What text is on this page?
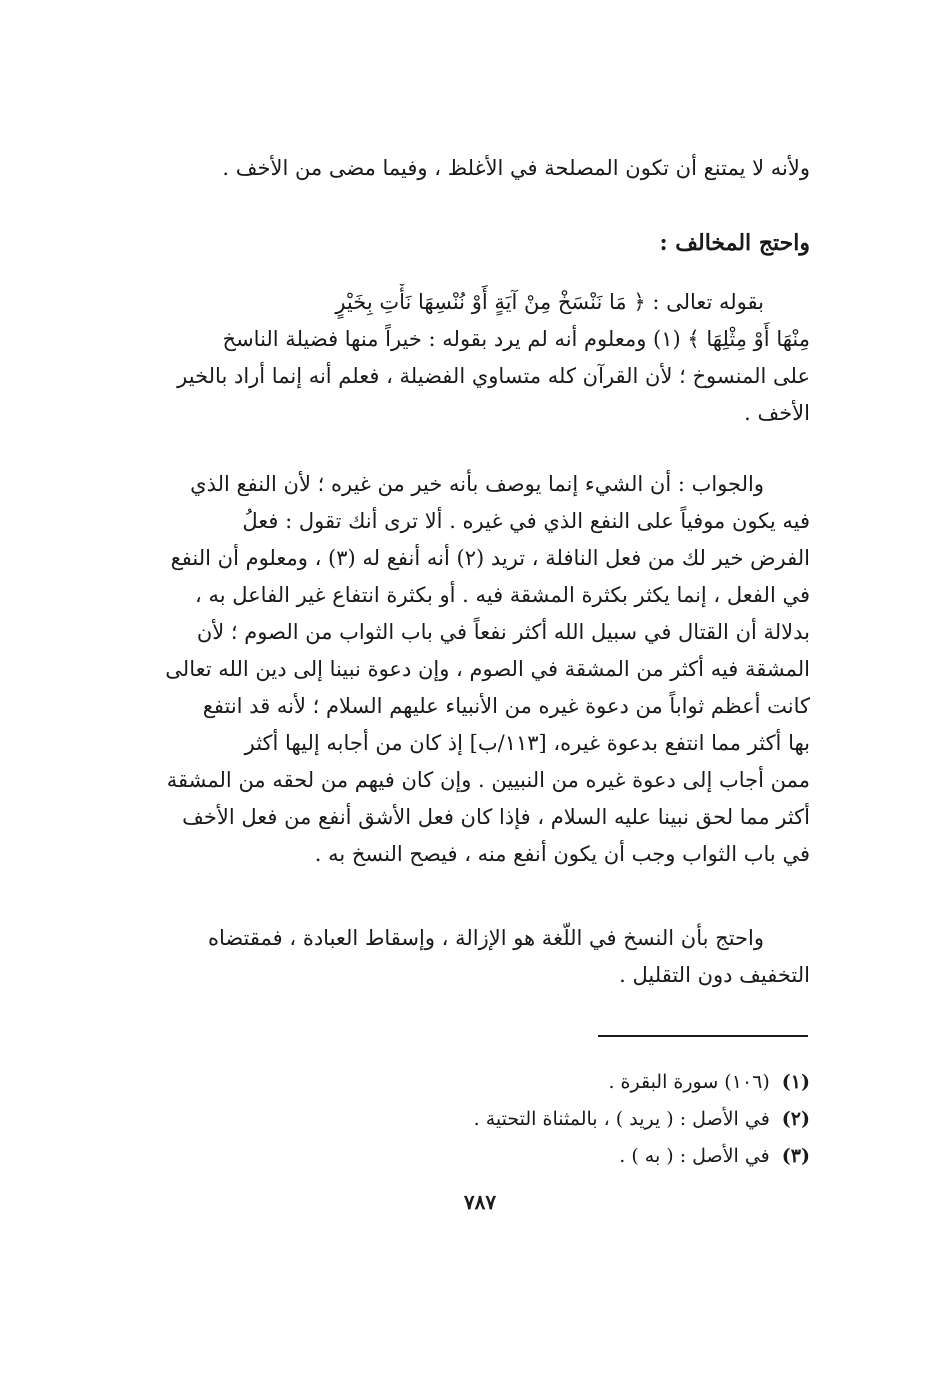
ولأنه لا يمتنع أن تكون المصلحة في الأغلظ ، وفيما مضى من الأخف .
واحتج المخالف :
بقوله تعالى : ﴿ مَا نَنْسَخْ مِنْ آيَةٍ أَوْ نُنْسِهَا نَأْتِ بِخَيْرٍ
مِنْهَا أَوْ مِثْلِهَا ﴾ (١) ومعلوم أنه لم يرد بقوله : خيراً منها فضيلة الناسخ
على المنسوخ ؛ لأن القرآن كله متساوي الفضيلة ، فعلم أنه إنما أراد بالخير
الأخف .
والجواب : أن الشيء إنما يوصف بأنه خير من غيره ؛ لأن النفع الذي
فيه يكون موفياً على النفع الذي في غيره . ألا ترى أنك تقول : فعلُ
الفرض خير لك من فعل النافلة ، تريد (٢) أنه أنفع له (٣) ، ومعلوم أن النفع
في الفعل ، إنما يكثر بكثرة المشقة فيه . أو بكثرة انتفاع غير الفاعل به ،
بدلالة أن القتال في سبيل الله أكثر نفعاً في باب الثواب من الصوم ؛ لأن
المشقة فيه أكثر من المشقة في الصوم ، وإن دعوة نبينا إلى دين الله تعالى
كانت أعظم ثواباً من دعوة غيره من الأنبياء عليهم السلام ؛ لأنه قد انتفع
بها أكثر مما انتفع بدعوة غيره، [١١٣/ب] إذ كان من أجابه إليها أكثر
ممن أجاب إلى دعوة غيره من النبيين . وإن كان فيهم من لحقه من المشقة
أكثر مما لحق نبينا عليه السلام ، فإذا كان فعل الأشق أنفع من فعل الأخف
في باب الثواب وجب أن يكون أنفع منه ، فيصح النسخ به .
واحتج بأن النسخ في اللّغة هو الإزالة ، وإسقاط العبادة ، فمقتضاه
التخفيف دون التقليل .
(١)(١٠٦) سورة البقرة .
(٢)في الأصل : ( يريد ) ، بالمثناة التحتية .
(٣)في الأصل : ( به ) .
٧٨٧
